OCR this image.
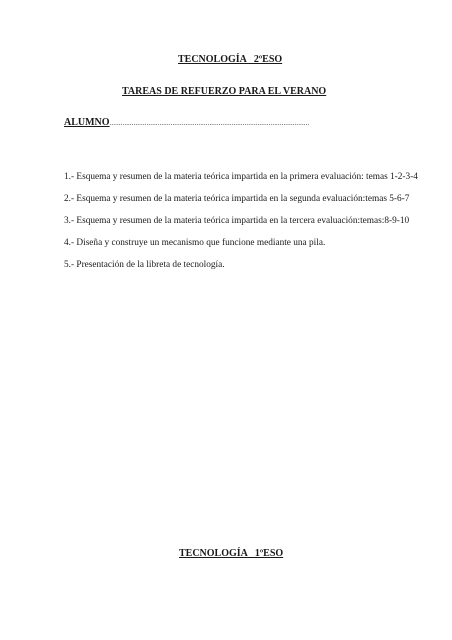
TECNOLOGÍA   2ºESO
TAREAS DE REFUERZO PARA EL VERANO
ALUMNO............................................................................................................
1.- Esquema y resumen de la materia teórica impartida en la primera evaluación: temas 1-2-3-4
2.- Esquema y resumen de la materia teórica impartida en la segunda evaluación:temas 5-6-7
3.- Esquema y resumen de la materia teórica impartida en la tercera evaluación:temas:8-9-10
4.- Diseña y construye un mecanismo que funcione mediante una pila.
5.- Presentación de la libreta de tecnología.
TECNOLOGÍA   1ºESO
